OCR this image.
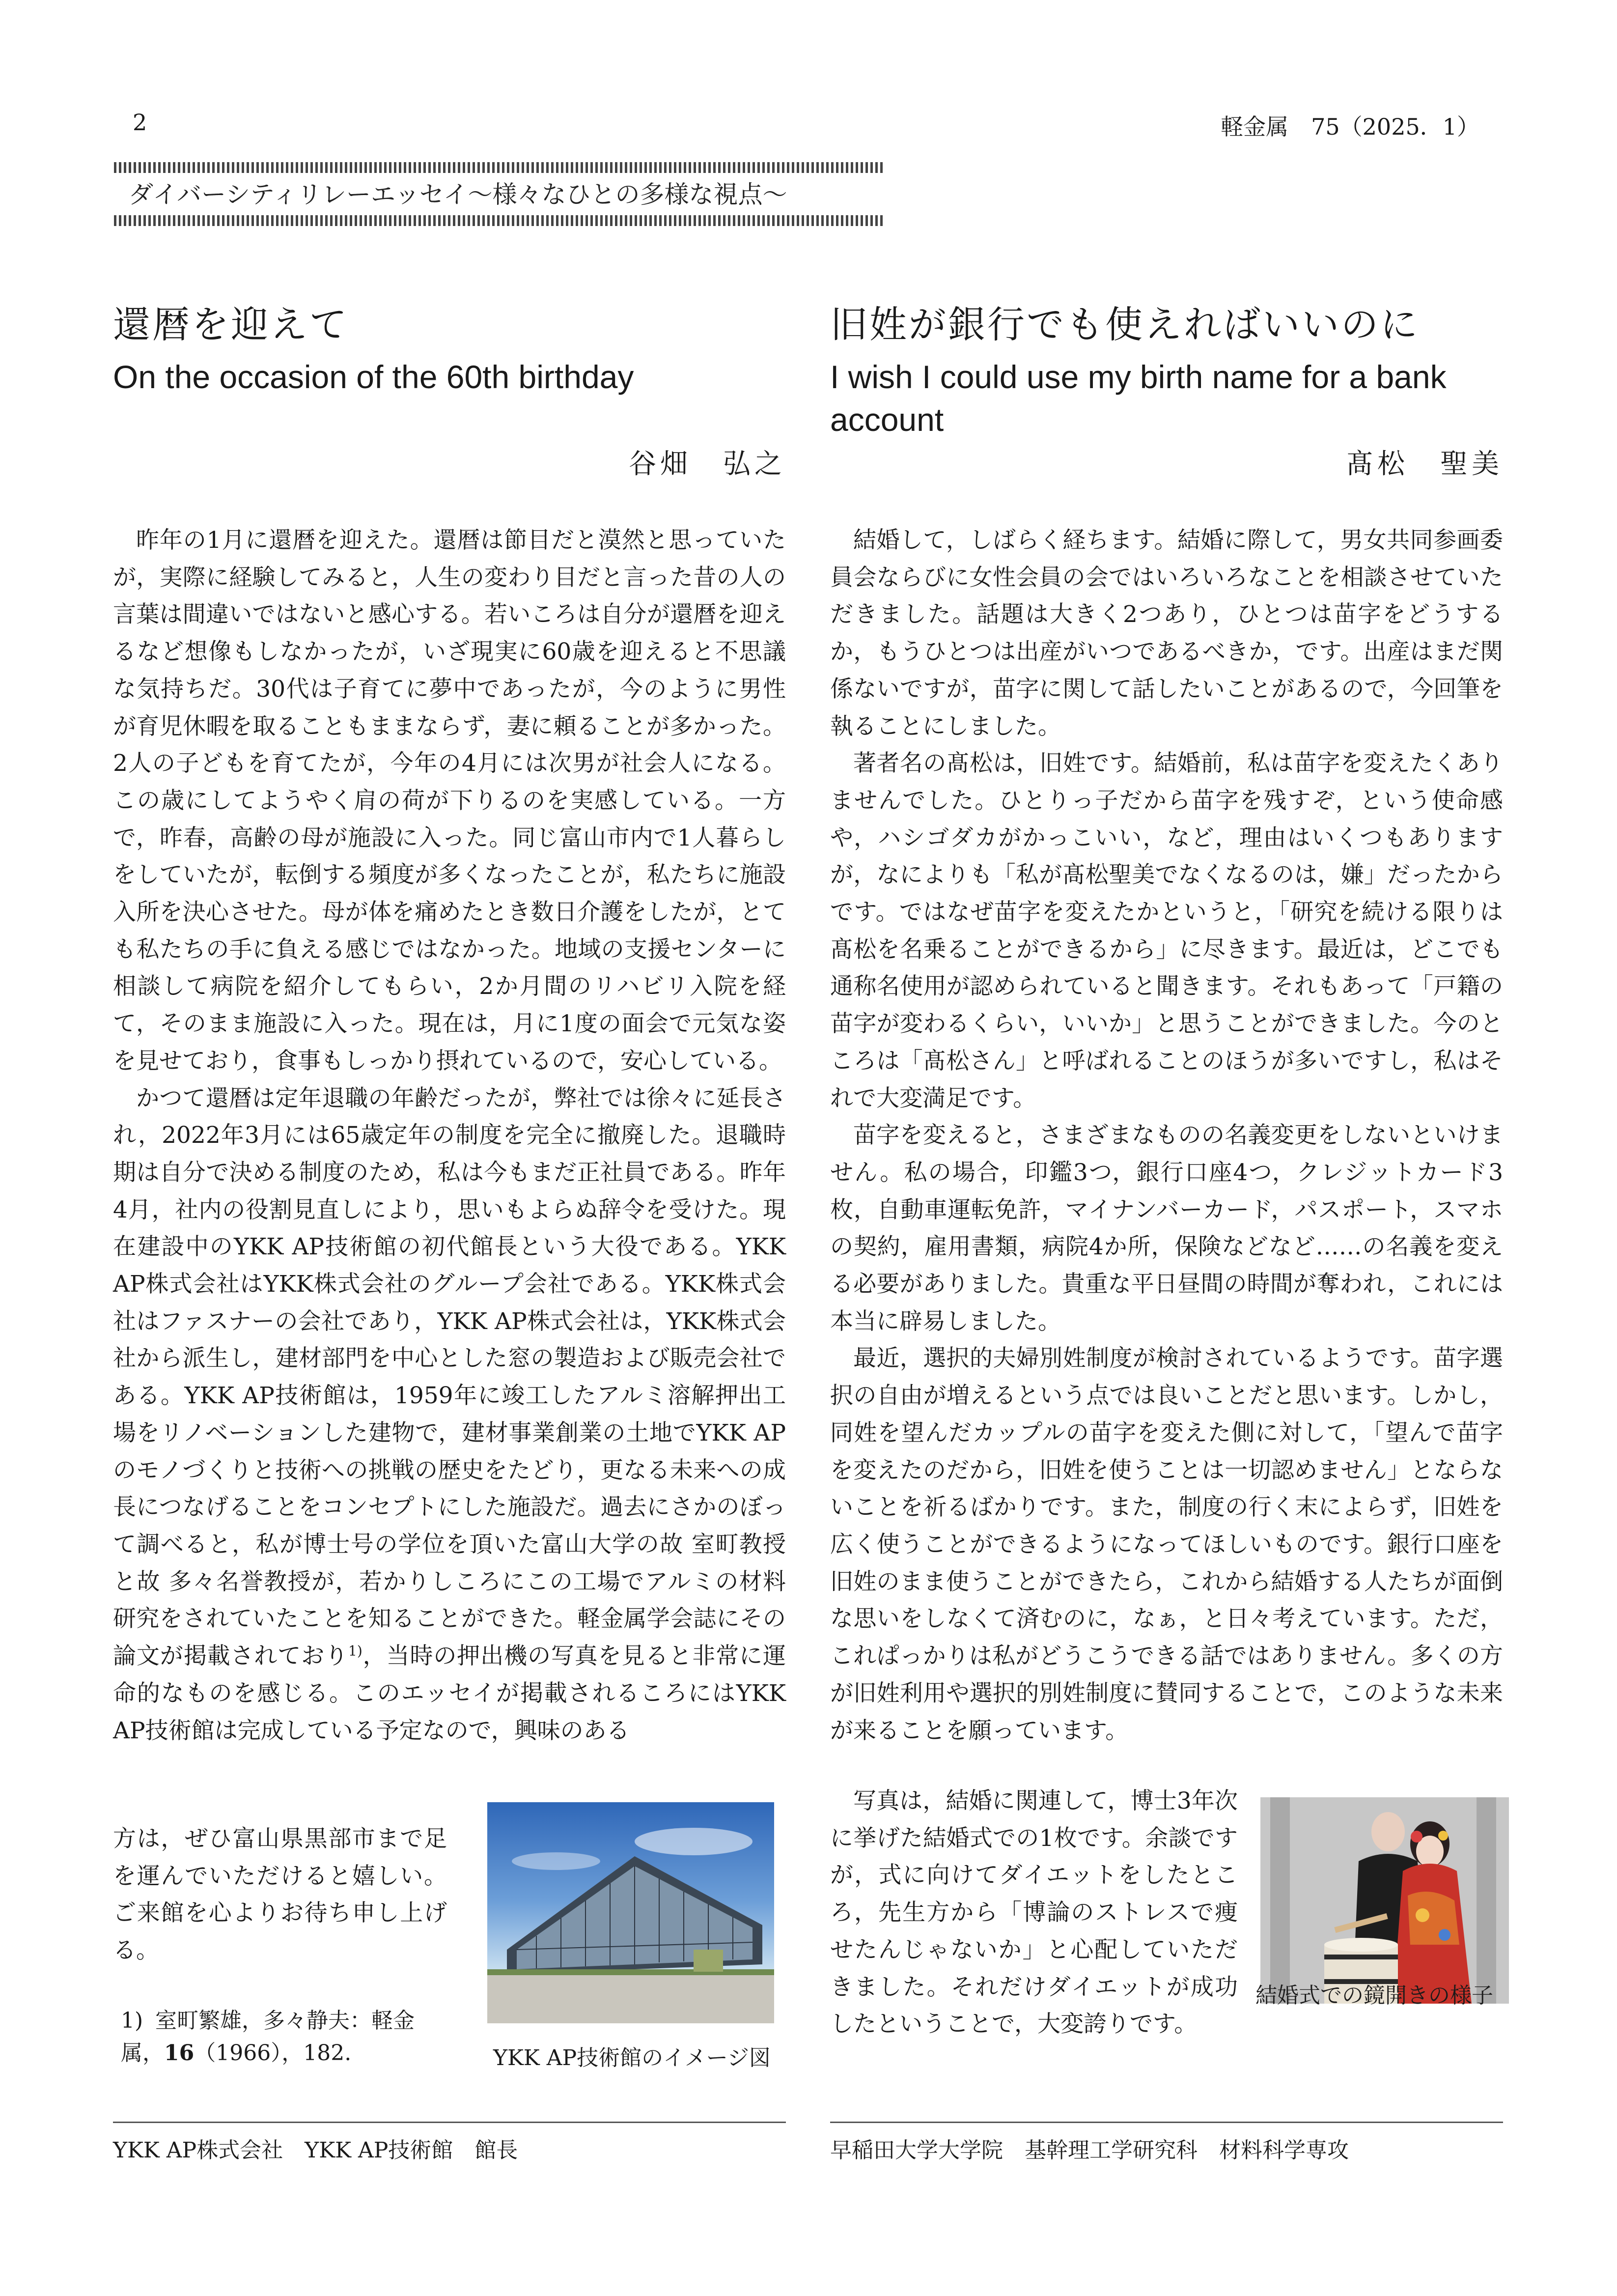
2	軽金属　75（2025．1）
ダイバーシティリレーエッセイ～様々なひとの多様な視点～
還暦を迎えて
On the occasion of the 60th birthday
谷畑　弘之

昨年の1月に還暦を迎えた。還暦は節目だと漠然と思っていたが，実際に経験してみると，人生の変わり目だと言った昔の人の言葉は間違いではないと感心する。若いころは自分が還暦を迎えるなど想像もしなかったが，いざ現実に60歳を迎えると不思議な気持ちだ。30代は子育てに夢中であったが，今のように男性が育児休暇を取ることもままならず，妻に頼ることが多かった。2人の子どもを育てたが，今年の4月には次男が社会人になる。この歳にしてようやく肩の荷が下りるのを実感している。一方で，昨春，高齢の母が施設に入った。同じ富山市内で1人暮らしをしていたが，転倒する頻度が多くなったことが，私たちに施設入所を決心させた。母が体を痛めたとき数日介護をしたが，とても私たちの手に負える感じではなかった。地域の支援センターに相談して病院を紹介してもらい，2か月間のリハビリ入院を経て，そのまま施設に入った。現在は，月に1度の面会で元気な姿を見せており，食事もしっかり摂れているので，安心している。

かつて還暦は定年退職の年齢だったが，弊社では徐々に延長され，2022年3月には65歳定年の制度を完全に撤廃した。退職時期は自分で決める制度のため，私は今もまだ正社員である。昨年4月，社内の役割見直しにより，思いもよらぬ辞令を受けた。現在建設中のYKK AP技術館の初代館長という大役である。YKK AP株式会社はYKK株式会社のグループ会社である。YKK株式会社はファスナーの会社であり，YKK AP株式会社は，YKK株式会社から派生し，建材部門を中心とした窓の製造および販売会社である。YKK AP技術館は，1959年に竣工したアルミ溶解押出工場をリノベーションした建物で，建材事業創業の土地でYKK APのモノづくりと技術への挑戦の歴史をたどり，更なる未来への成長につなげることをコンセプトにした施設だ。過去にさかのぼって調べると，私が博士号の学位を頂いた富山大学の故 室町教授と故 多々名誉教授が，若かりしころにこの工場でアルミの材料研究をされていたことを知ることができた。軽金属学会誌にその論文が掲載されており$^{1)}$，当時の押出機の写真を見ると非常に運命的なものを感じる。このエッセイが掲載されるころにはYKK AP技術館は完成している予定なので，興味のある

方は，ぜひ富山県黒部市まで足を運んでいただけると嬉しい。ご来館を心よりお待ち申し上げる。

1) 室町繁雄，多々静夫：軽金属，16（1966），182.	YKK AP技術館のイメージ図
旧姓が銀行でも使えればいいのに
I wish I could use my birth name for a bank
account
髙松　聖美

結婚して，しばらく経ちます。結婚に際して，男女共同参画委員会ならびに女性会員の会ではいろいろなことを相談させていただきました。話題は大きく2つあり，ひとつは苗字をどうするか，もうひとつは出産がいつであるべきか，です。出産はまだ関係ないですが，苗字に関して話したいことがあるので，今回筆を執ることにしました。

著者名の髙松は，旧姓です。結婚前，私は苗字を変えたくありませんでした。ひとりっ子だから苗字を残すぞ，という使命感や，ハシゴダカがかっこいい，など，理由はいくつもありますが，なによりも「私が髙松聖美でなくなるのは，嫌」だったからです。ではなぜ苗字を変えたかというと，「研究を続ける限りは髙松を名乗ることができるから」に尽きます。最近は，どこでも通称名使用が認められていると聞きます。それもあって「戸籍の苗字が変わるくらい，いいか」と思うことができました。今のところは「髙松さん」と呼ばれることのほうが多いですし，私はそれで大変満足です。

苗字を変えると，さまざまなものの名義変更をしないといけません。私の場合，印鑑3つ，銀行口座4つ，クレジットカード3枚，自動車運転免許，マイナンバーカード，パスポート，スマホの契約，雇用書類，病院4か所，保険などなど……の名義を変える必要がありました。貴重な平日昼間の時間が奪われ，これには本当に辟易しました。

最近，選択的夫婦別姓制度が検討されているようです。苗字選択の自由が増えるという点では良いことだと思います。しかし，同姓を望んだカップルの苗字を変えた側に対して，「望んで苗字を変えたのだから，旧姓を使うことは一切認めません」とならないことを祈るばかりです。また，制度の行く末によらず，旧姓を広く使うことができるようになってほしいものです。銀行口座を旧姓のまま使うことができたら，これから結婚する人たちが面倒な思いをしなくて済むのに，なぁ，と日々考えています。ただ，これぱっかりは私がどうこうできる話ではありません。多くの方が旧姓利用や選択的別姓制度に賛同することで，このような未来が来ることを願っています。

写真は，結婚に関連して，博士3年次に挙げた結婚式での1枚です。余談ですが，式に向けてダイエットをしたところ，先生方から「博論のストレスで痩せたんじゃないか」と心配していただきました。それだけダイエットが成功したということで，大変誇りです。

結婚式での鏡開きの様子
YKK AP株式会社　YKK AP技術館　館長	早稲田大学大学院　基幹理工学研究科　材料科学専攻
